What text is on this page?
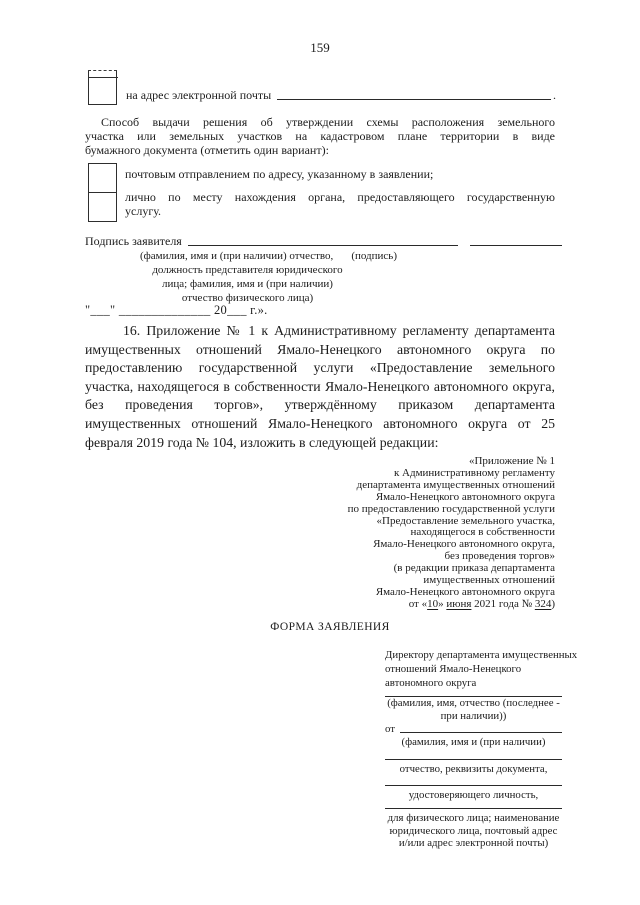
159
на адрес электронной почты	.
Способ выдачи решения об утверждении схемы расположения земельного
участка или земельных участков на кадастровом плане территории в виде
бумажного документа (отметить один вариант):
почтовым отправлением по адресу, указанному в заявлении;
лично по месту нахождения органа, предоставляющего государственную
услугу.
Подпись заявителя
(фамилия, имя и (при наличии) отчество, (подпись)
должность представителя юридического
лица; фамилия, имя и (при наличии)
отчество физического лица)
"___" ______________ 20___ г.».
16. Приложение № 1 к Административному регламенту департамента
имущественных отношений Ямало-Ненецкого автономного округа по
предоставлению государственной услуги «Предоставление земельного
участка, находящегося в собственности Ямало-Ненецкого автономного округа,
без проведения торгов», утверждённому приказом департамента
имущественных отношений Ямало-Ненецкого автономного округа от 25
февраля 2019 года № 104, изложить в следующей редакции:
«Приложение № 1
к Административному регламенту
департамента имущественных отношений
Ямало-Ненецкого автономного округа
по предоставлению государственной услуги
«Предоставление земельного участка,
находящегося в собственности
Ямало-Ненецкого автономного округа,
без проведения торгов»
(в редакции приказа департамента
имущественных отношений
Ямало-Ненецкого автономного округа
от «10» июня 2021 года № 324)
ФОРМА ЗАЯВЛЕНИЯ
Директору департамента имущественных
отношений Ямало-Ненецкого
автономного округа
(фамилия, имя, отчество (последнее -
при наличии))
от
(фамилия, имя и (при наличии)
отчество, реквизиты документа,
удостоверяющего личность,
для физического лица; наименование
юридического лица, почтовый адрес
и/или адрес электронной почты)
